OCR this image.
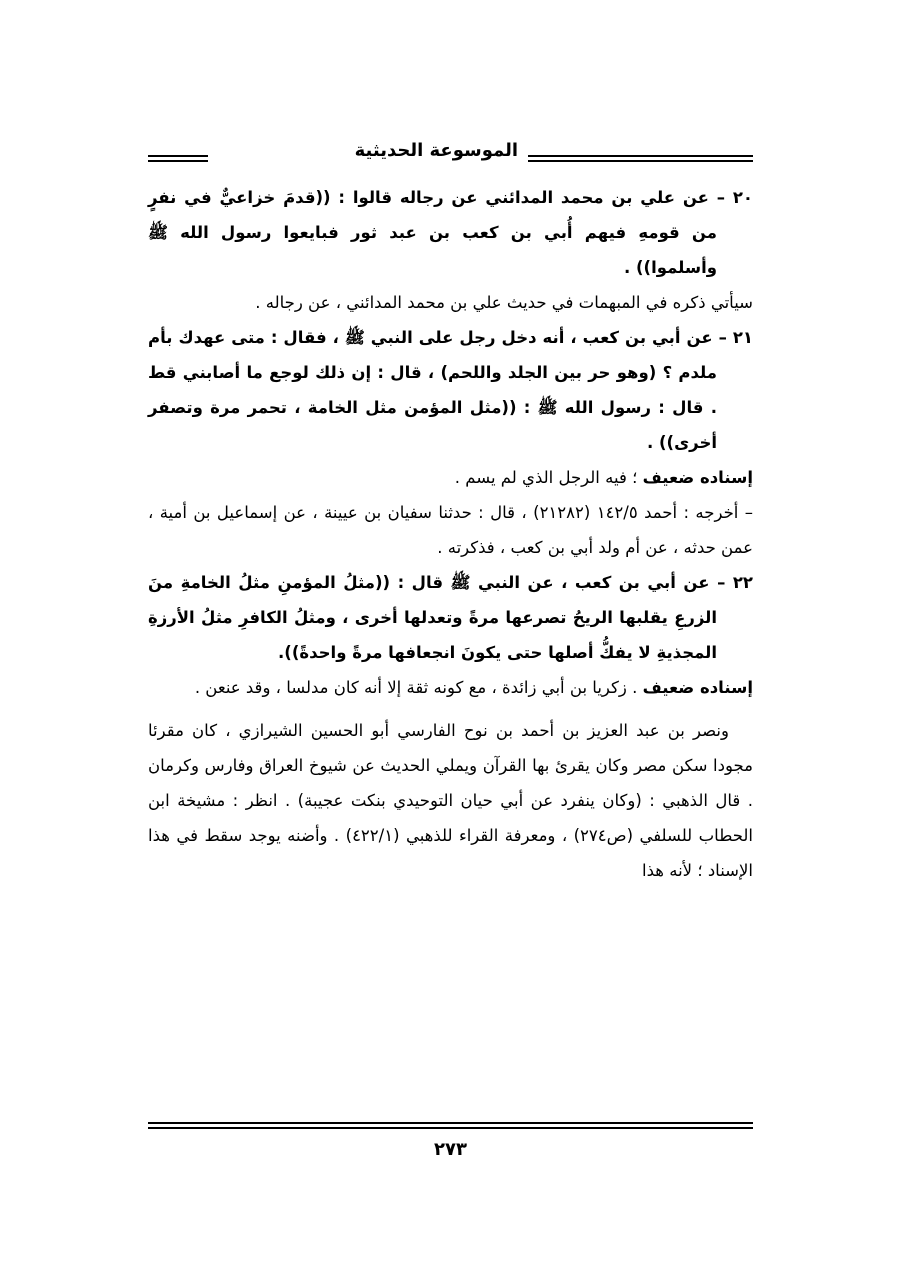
الموسوعة الحديثية

٢٠ – عن علي بن محمد المدائني عن رجاله قالوا : ((قدمَ خزاعيٌّ في نفرٍ من قومهِ فيهم أُبي بن كعب بن عبد ثور فبايعوا رسول الله ﷺ وأسلموا)) .

سيأتي ذكره في المبهمات في حديث علي بن محمد المدائني ، عن رجاله .

٢١ – عن أبي بن كعب ، أنه دخل رجل على النبي ﷺ ، فقال : متى عهدك بأم ملدم ؟ (وهو حر بين الجلد واللحم) ، قال : إن ذلك لوجع ما أصابني قط . قال : رسول الله ﷺ : ((مثل المؤمن مثل الخامة ، تحمر مرة وتصفر أخرى)) .

إسناده ضعيف ؛ فيه الرجل الذي لم يسم .

– أخرجه : أحمد ١٤٢/٥ (٢١٢٨٢) ، قال : حدثنا سفيان بن عيينة ، عن إسماعيل بن أمية ، عمن حدثه ، عن أم ولد أبي بن كعب ، فذكرته .

٢٢ – عن أبي بن كعب ، عن النبي ﷺ قال : ((مثلُ المؤمنِ مثلُ الخامةِ منَ الزرعِ يقلبها الريحُ تصرعها مرةً وتعدلها أخرى ، ومثلُ الكافرِ مثلُ الأرزةِ المجذيةِ لا يفكُّ أصلها حتى يكونَ انجعافها مرةً واحدةً)).

إسناده ضعيف . زكريا بن أبي زائدة ، مع كونه ثقة إلا أنه كان مدلسا ، وقد عنعن .

ونصر بن عبد العزيز بن أحمد بن نوح الفارسي أبو الحسين الشيرازي ، كان مقرئا مجودا سكن مصر وكان يقرئ بها القرآن ويملي الحديث عن شيوخ العراق وفارس وكرمان . قال الذهبي : (وكان ينفرد عن أبي حيان التوحيدي بنكت عجيبة) . انظر : مشيخة ابن الحطاب للسلفي (ص٢٧٤) ، ومعرفة القراء للذهبي (٤٢٢/١) . وأضنه يوجد سقط في هذا الإسناد ؛ لأنه هذا

٢٧٣
